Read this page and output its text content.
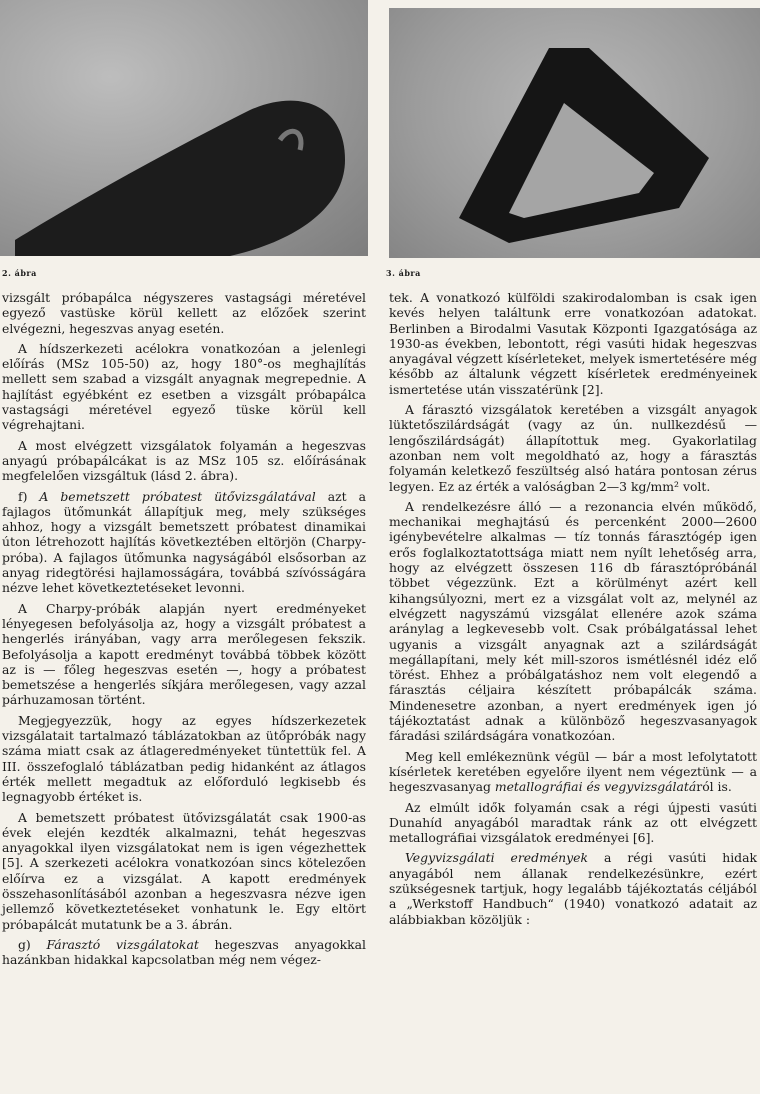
2. ábra	3. ábra

vizsgált próbapálca négyszeres vastagsági méretével egyező vastüske körül kellett az előzőek szerint elvégezni, hegeszvas anyag esetén.

A hídszerkezeti acélokra vonatkozóan a jelenlegi előírás (MSz 105-50) az, hogy 180°-os meghajlítás mellett sem szabad a vizsgált anyagnak megrepednie. A hajlítást egyébként ez esetben a vizsgált próbapálca vastagsági méretével egyező tüske körül kell végrehajtani.

A most elvégzett vizsgálatok folyamán a hegeszvas anyagú próbapálcákat is az MSz 105 sz. előírásának megfelelően vizsgáltuk (lásd 2. ábra).

f) A bemetszett próbatest ütővizsgálatával azt a fajlagos ütőmunkát állapítjuk meg, mely szükséges ahhoz, hogy a vizsgált bemetszett próbatest dinamikai úton létrehozott hajlítás következtében eltörjön (Charpy-próba). A fajlagos ütőmunka nagyságából elsősorban az anyag ridegtörési hajlamosságára, továbbá szívósságára nézve lehet következtetéseket levonni.

A Charpy-próbák alapján nyert eredményeket lényegesen befolyásolja az, hogy a vizsgált próbatest a hengerlés irányában, vagy arra merőlegesen fekszik. Befolyásolja a kapott eredményt továbbá többek között az is — főleg hegeszvas esetén —, hogy a próbatest bemetszése a hengerlés síkjára merőlegesen, vagy azzal párhuzamosan történt.

Megjegyezzük, hogy az egyes hídszerkezetek vizsgálatait tartalmazó táblázatokban az ütőpróbák nagy száma miatt csak az átlageredményeket tüntettük fel. A III. összefoglaló táblázatban pedig hidanként az átlagos érték mellett megadtuk az előforduló legkisebb és legnagyobb értéket is.

A bemetszett próbatest ütővizsgálatát csak 1900-as évek elején kezdték alkalmazni, tehát hegeszvas anyagokkal ilyen vizsgálatokat nem is igen végezhettek [5]. A szerkezeti acélokra vonatkozóan sincs kötelezően előírva ez a vizsgálat. A kapott eredmények összehasonlításából azonban a hegeszvasra nézve igen jellemző következtetéseket vonhatunk le. Egy eltört próbapálcát mutatunk be a 3. ábrán.

g) Fárasztó vizsgálatokat hegeszvas anyagokkal hazánkban hidakkal kapcsolatban még nem végez-

tek. A vonatkozó külföldi szakirodalomban is csak igen kevés helyen találtunk erre vonatkozóan adatokat. Berlinben a Birodalmi Vasutak Központi Igazgatósága az 1930-as években, lebontott, régi vasúti hidak hegeszvas anyagával végzett kísérleteket, melyek ismertetésére még később az általunk végzett kísérletek eredményeinek ismertetése után visszatérünk [2].

A fárasztó vizsgálatok keretében a vizsgált anyagok lüktetőszilárdságát (vagy az ún. nullkezdésű — lengőszilárdságát) állapítottuk meg. Gyakorlatilag azonban nem volt megoldható az, hogy a fárasztás folyamán keletkező feszültség alsó határa pontosan zérus legyen. Ez az érték a valóságban 2—3 kg/mm² volt.

A rendelkezésre álló — a rezonancia elvén működő, mechanikai meghajtású és percenként 2000—2600 igénybevételre alkalmas — tíz tonnás fárasztógép igen erős foglalkoztatottsága miatt nem nyílt lehetőség arra, hogy az elvégzett összesen 116 db fárasztópróbánál többet végezzünk. Ezt a körülményt azért kell kihangsúlyozni, mert ez a vizsgálat volt az, melynél az elvégzett nagyszámú vizsgálat ellenére azok száma aránylag a legkevesebb volt. Csak próbálgatással lehet ugyanis a vizsgált anyagnak azt a szilárdságát megállapítani, mely két mill-szoros ismétlésnél idéz elő törést. Ehhez a próbálgatáshoz nem volt elegendő a fárasztás céljaira készített próbapálcák száma. Mindenesetre azonban, a nyert eredmények igen jó tájékoztatást adnak a különböző hegeszvasanyagok fáradási szilárdságára vonatkozóan.

Meg kell emlékeznünk végül — bár a most lefolytatott kísérletek keretében egyelőre ilyent nem végeztünk — a hegeszvasanyag metallográfiai és vegyvizsgálatáról is.

Az elmúlt idők folyamán csak a régi újpesti vasúti Dunahíd anyagából maradtak ránk az ott elvégzett metallográfiai vizsgálatok eredményei [6].

Vegyvizsgálati eredmények a régi vasúti hidak anyagából nem állanak rendelkezésünkre, ezért szükségesnek tartjuk, hogy legalább tájékoztatás céljából a „Werkstoff Handbuch“ (1940) vonatkozó adatait az alábbiakban közöljük :
